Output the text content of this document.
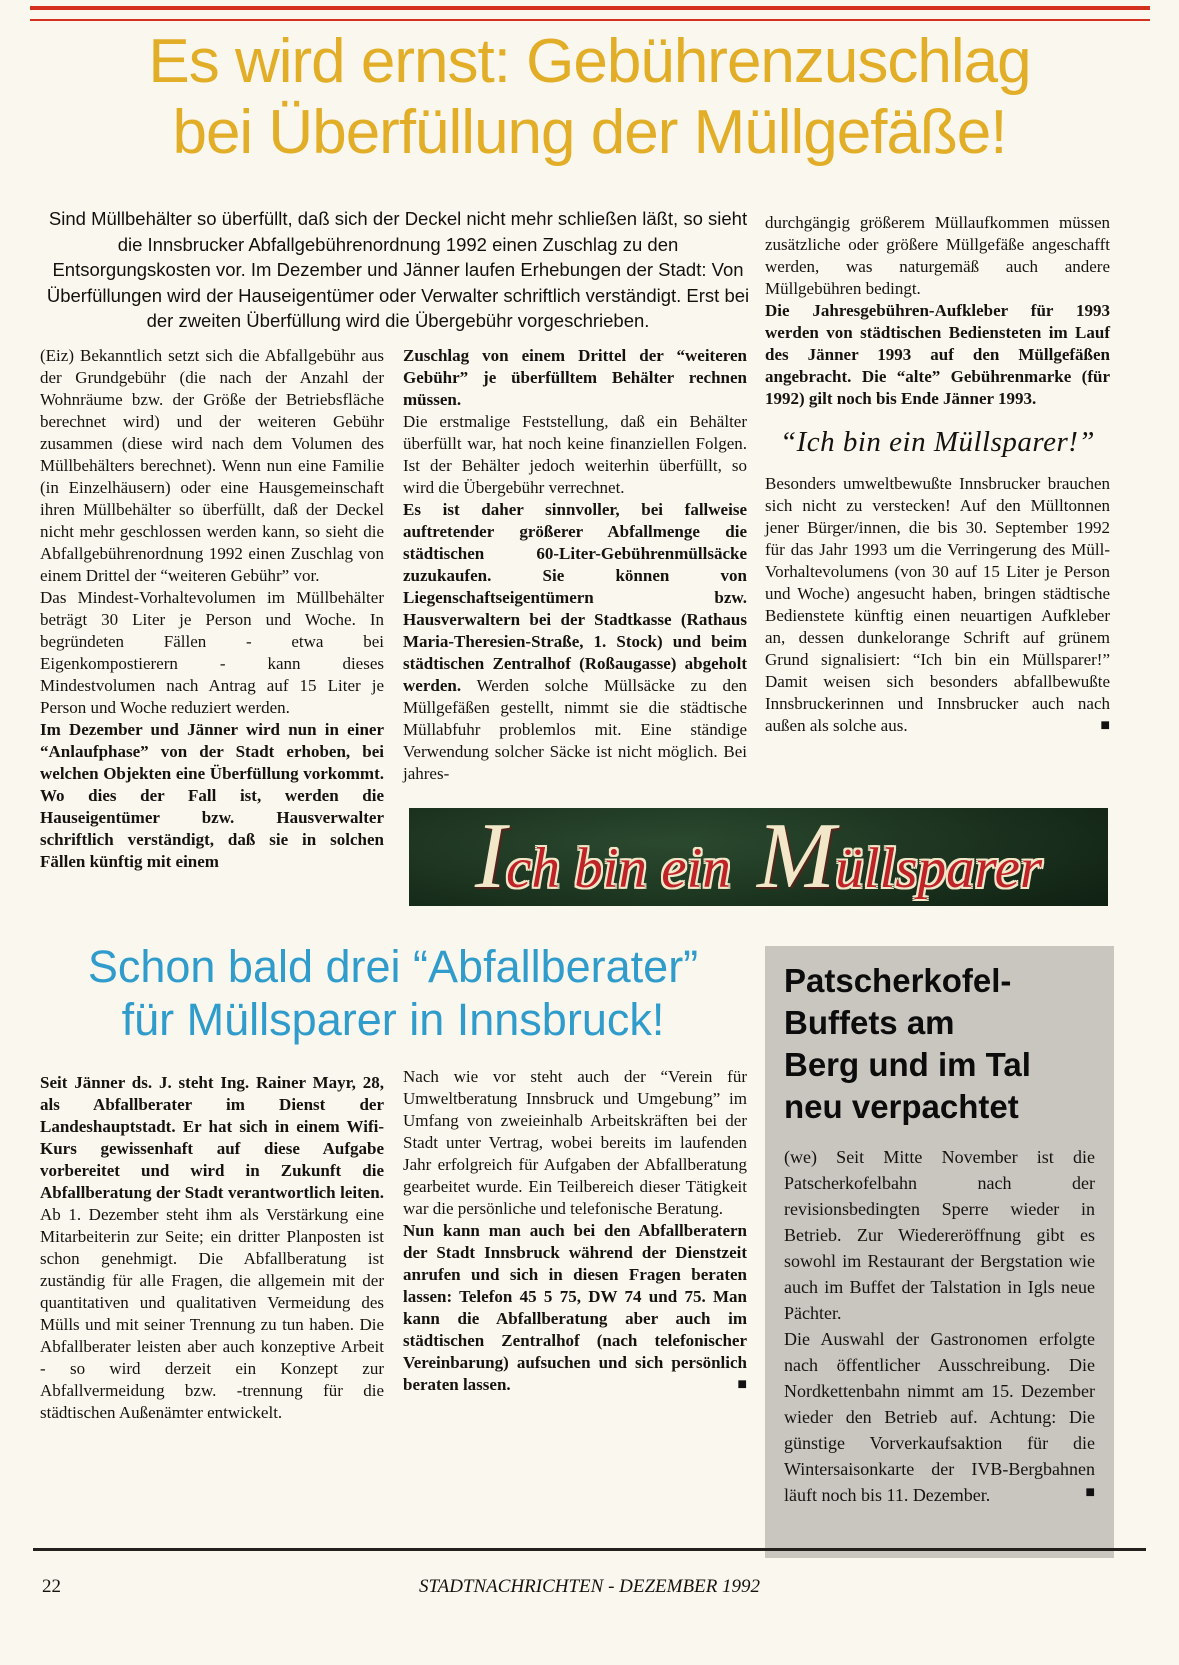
Es wird ernst: Gebührenzuschlag
bei Überfüllung der Müllgefäße!

Sind Müllbehälter so überfüllt, daß sich der Deckel nicht mehr schließen läßt, so sieht die Innsbrucker Abfallgebührenordnung 1992 einen Zuschlag zu den Entsorgungskosten vor. Im Dezember und Jänner laufen Erhebungen der Stadt: Von Überfüllungen wird der Hauseigentümer oder Verwalter schriftlich verständigt. Erst bei der zweiten Überfüllung wird die Übergebühr vorgeschrieben.

durchgängig größerem Müllaufkommen müssen zusätzliche oder größere Müllgefäße angeschafft werden, was naturgemäß auch andere Müllgebühren bedingt.

Die Jahresgebühren-Aufkleber für 1993 werden von städtischen Bediensteten im Lauf des Jänner 1993 auf den Müllgefäßen angebracht. Die “alte” Gebührenmarke (für 1992) gilt noch bis Ende Jänner 1993.

“Ich bin ein Müllsparer!”

Besonders umweltbewußte Innsbrucker brauchen sich nicht zu verstecken! Auf den Mülltonnen jener Bürger/innen, die bis 30. September 1992 für das Jahr 1993 um die Verringerung des Müll-Vorhaltevolumens (von 30 auf 15 Liter je Person und Woche) angesucht haben, bringen städtische Bedienstete künftig einen neuartigen Aufkleber an, dessen dunkelorange Schrift auf grünem Grund signalisiert: “Ich bin ein Müllsparer!” Damit weisen sich besonders abfallbewußte Innsbruckerinnen und Innsbrucker auch nach außen als solche aus.	■

(Eiz) Bekanntlich setzt sich die Abfallgebühr aus der Grundgebühr (die nach der Anzahl der Wohnräume bzw. der Größe der Betriebsfläche berechnet wird) und der weiteren Gebühr zusammen (diese wird nach dem Volumen des Müllbehälters berechnet). Wenn nun eine Familie (in Einzelhäusern) oder eine Hausgemeinschaft ihren Müllbehälter so überfüllt, daß der Deckel nicht mehr geschlossen werden kann, so sieht die Abfallgebührenordnung 1992 einen Zuschlag von einem Drittel der “weiteren Gebühr” vor.

Das Mindest-Vorhaltevolumen im Müllbehälter beträgt 30 Liter je Person und Woche. In begründeten Fällen - etwa bei Eigenkompostierern - kann dieses Mindestvolumen nach Antrag auf 15 Liter je Person und Woche reduziert werden.

Im Dezember und Jänner wird nun in einer “Anlaufphase” von der Stadt erhoben, bei welchen Objekten eine Überfüllung vorkommt. Wo dies der Fall ist, werden die Hauseigentümer bzw. Hausverwalter schriftlich verständigt, daß sie in solchen Fällen künftig mit einem

Zuschlag von einem Drittel der “weiteren Gebühr” je überfülltem Behälter rechnen müssen.

Die erstmalige Feststellung, daß ein Behälter überfüllt war, hat noch keine finanziellen Folgen. Ist der Behälter jedoch weiterhin überfüllt, so wird die Übergebühr verrechnet.

Es ist daher sinnvoller, bei fallweise auftretender größerer Abfallmenge die städtischen 60-Liter-Gebührenmüllsäcke zuzukaufen. Sie können von Liegenschaftseigentümern bzw. Hausverwaltern bei der Stadtkasse (Rathaus Maria-Theresien-Straße, 1. Stock) und beim städtischen Zentralhof (Roßaugasse) abgeholt werden. Werden solche Müllsäcke zu den Müllgefäßen gestellt, nimmt sie die städtische Müllabfuhr problemlos mit. Eine ständige Verwendung solcher Säcke ist nicht möglich. Bei jahres-

I ch bin ein M üllsparer
Schon bald drei “Abfallberater”
für Müllsparer in Innsbruck!

Seit Jänner ds. J. steht Ing. Rainer Mayr, 28, als Abfallberater im Dienst der Landeshauptstadt. Er hat sich in einem Wifi-Kurs gewissenhaft auf diese Aufgabe vorbereitet und wird in Zukunft die Abfallberatung der Stadt verantwortlich leiten. Ab 1. Dezember steht ihm als Verstärkung eine Mitarbeiterin zur Seite; ein dritter Planposten ist schon genehmigt. Die Abfallberatung ist zuständig für alle Fragen, die allgemein mit der quantitativen und qualitativen Vermeidung des Mülls und mit seiner Trennung zu tun haben. Die Abfallberater leisten aber auch konzeptive Arbeit - so wird derzeit ein Konzept zur Abfallvermeidung bzw. -trennung für die städtischen Außenämter entwickelt.

Nach wie vor steht auch der “Verein für Umweltberatung Innsbruck und Umgebung” im Umfang von zweieinhalb Arbeitskräften bei der Stadt unter Vertrag, wobei bereits im laufenden Jahr erfolgreich für Aufgaben der Abfallberatung gearbeitet wurde. Ein Teilbereich dieser Tätigkeit war die persönliche und telefonische Beratung.

Nun kann man auch bei den Abfallberatern der Stadt Innsbruck während der Dienstzeit anrufen und sich in diesen Fragen beraten lassen: Telefon 45 5 75, DW 74 und 75. Man kann die Abfallberatung aber auch im städtischen Zentralhof (nach telefonischer Vereinbarung) aufsuchen und sich persönlich beraten lassen.	■

Patscherkofel-
Buffets am
Berg und im Tal
neu verpachtet

(we) Seit Mitte November ist die Patscherkofelbahn nach der revisionsbedingten Sperre wieder in Betrieb. Zur Wiedereröffnung gibt es sowohl im Restaurant der Bergstation wie auch im Buffet der Talstation in Igls neue Pächter.

Die Auswahl der Gastronomen erfolgte nach öffentlicher Ausschreibung. Die Nordkettenbahn nimmt am 15. Dezember wieder den Betrieb auf. Achtung: Die günstige Vorverkaufsaktion für die Wintersaisonkarte der IVB-Bergbahnen läuft noch bis 11. Dezember.	■

22	STADTNACHRICHTEN - DEZEMBER 1992
